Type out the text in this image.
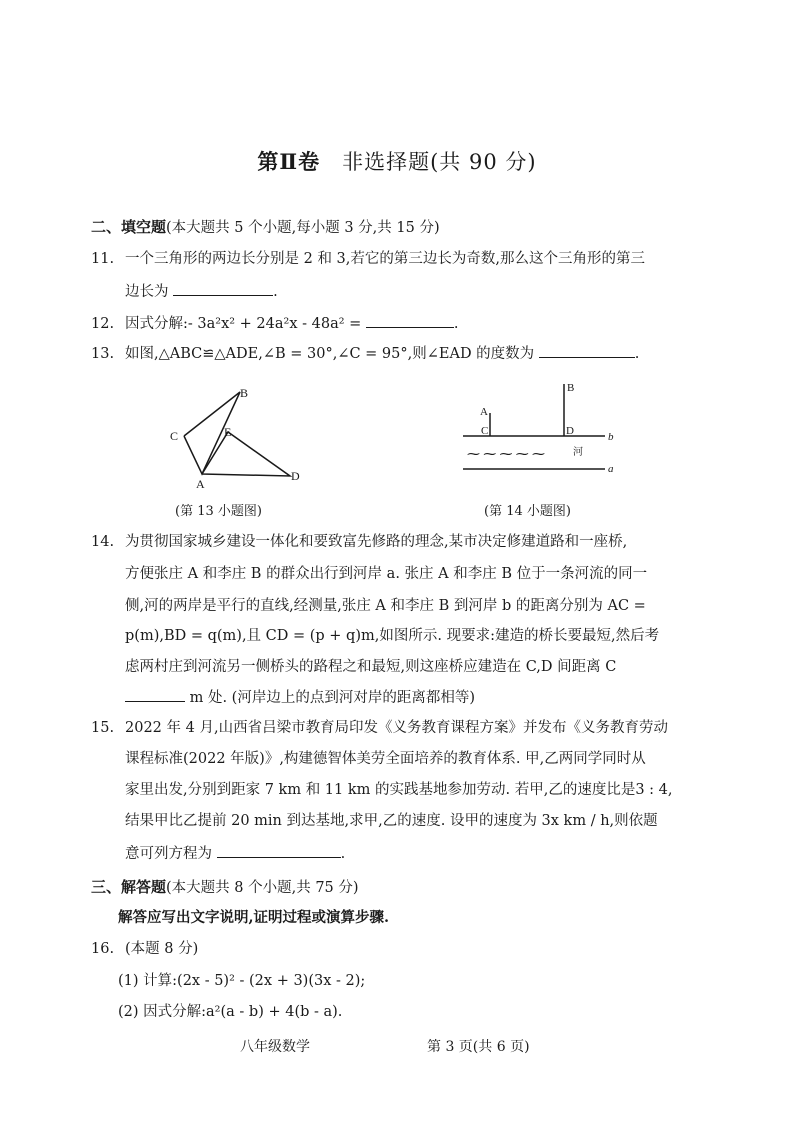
第Ⅱ卷 非选择题(共 90 分)
二、填空题(本大题共 5 个小题,每小题 3 分,共 15 分)
11. 一个三角形的两边长分别是 2 和 3,若它的第三边长为奇数,那么这个三角形的第三
边长为	.
12. 因式分解:- 3a²x² + 24a²x - 48a² =	.
13. 如图,△ABC≌△ADE,∠B = 30°,∠C = 95°,则∠EAD 的度数为	.
C
B
E
D
A
(第 13 小题图)
A
C
B
D	b
a
⁓ ⁓ ⁓ ⁓ ⁓	河
(第 14 小题图)
14. 为贯彻国家城乡建设一体化和要致富先修路的理念,某市决定修建道路和一座桥,
方便张庄 A 和李庄 B 的群众出行到河岸 a. 张庄 A 和李庄 B 位于一条河流的同一
侧,河的两岸是平行的直线,经测量,张庄 A 和李庄 B 到河岸 b 的距离分别为 AC =
p(m),BD = q(m),且 CD = (p + q)m,如图所示. 现要求:建造的桥长要最短,然后考
虑两村庄到河流另一侧桥头的路程之和最短,则这座桥应建造在 C,D 间距离 C
m 处. (河岸边上的点到河对岸的距离都相等)
15. 2022 年 4 月,山西省吕梁市教育局印发《义务教育课程方案》并发布《义务教育劳动
课程标准(2022 年版)》,构建德智体美劳全面培养的教育体系. 甲,乙两同学同时从
家里出发,分别到距家 7 km 和 11 km 的实践基地参加劳动. 若甲,乙的速度比是3 : 4,
结果甲比乙提前 20 min 到达基地,求甲,乙的速度. 设甲的速度为 3x km / h,则依题
意可列方程为	.
三、解答题(本大题共 8 个小题,共 75 分)
解答应写出文字说明,证明过程或演算步骤.
16. (本题 8 分)
(1) 计算:(2x - 5)² - (2x + 3)(3x - 2);
(2) 因式分解:a²(a - b) + 4(b - a).
八年级数学	第 3 页(共 6 页)
